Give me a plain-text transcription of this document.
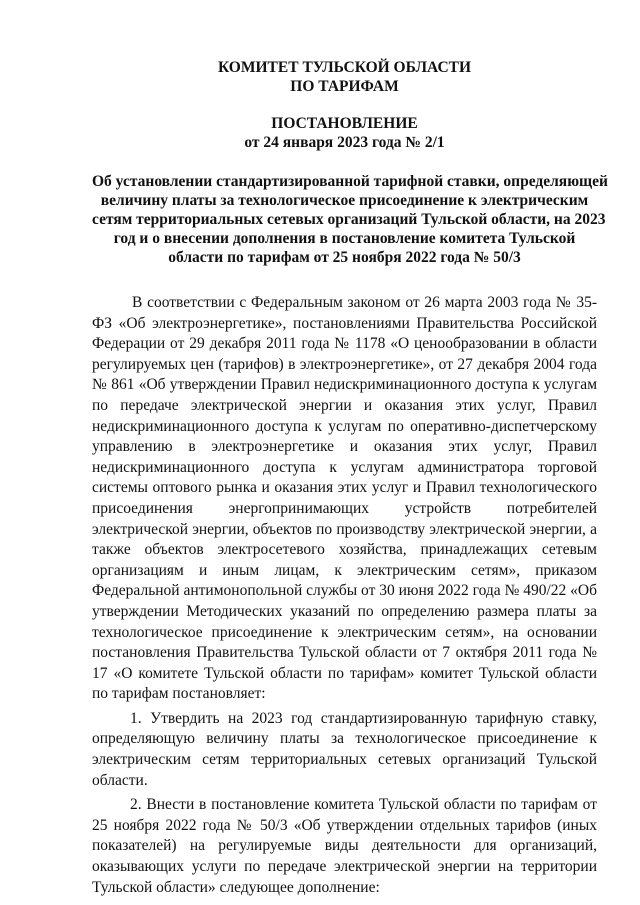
КОМИТЕТ ТУЛЬСКОЙ ОБЛАСТИ
ПО ТАРИФАМ
ПОСТАНОВЛЕНИЕ
от 24 января 2023 года № 2/1
Об установлении стандартизированной тарифной ставки, определяющей
величину платы за технологическое присоединение к электрическим
сетям территориальных сетевых организаций Тульской области, на 2023
год и о внесении дополнения в постановление комитета Тульской
области по тарифам от 25 ноября 2022 года № 50/3

В соответствии с Федеральным законом от 26 марта 2003 года № 35-ФЗ «Об электроэнергетике», постановлениями Правительства Российской Федерации от 29 декабря 2011 года № 1178 «О ценообразовании в области регулируемых цен (тарифов) в электроэнергетике», от 27 декабря 2004 года № 861 «Об утверждении Правил недискриминационного доступа к услугам по передаче электрической энергии и оказания этих услуг, Правил недискриминационного доступа к услугам по оперативно-диспетчерскому управлению в электроэнергетике и оказания этих услуг, Правил недискриминационного доступа к услугам администратора торговой системы оптового рынка и оказания этих услуг и Правил технологического присоединения энергопринимающих устройств потребителей электрической энергии, объектов по производству электрической энергии, а также объектов электросетевого хозяйства, принадлежащих сетевым организациям и иным лицам, к электрическим сетям», приказом Федеральной антимонопольной службы от 30 июня 2022 года № 490/22 «Об утверждении Методических указаний по определению размера платы за технологическое присоединение к электрическим сетям», на основании постановления Правительства Тульской области от 7 октября 2011 года № 17 «О комитете Тульской области по тарифам» комитет Тульской области по тарифам постановляет:

1. Утвердить на 2023 год стандартизированную тарифную ставку, определяющую величину платы за технологическое присоединение к электрическим сетям территориальных сетевых организаций Тульской области.

2. Внести в постановление комитета Тульской области по тарифам от 25 ноября 2022 года № 50/3 «Об утверждении отдельных тарифов (иных показателей) на регулируемые виды деятельности для организаций, оказывающих услуги по передаче электрической энергии на территории Тульской области» следующее дополнение:
